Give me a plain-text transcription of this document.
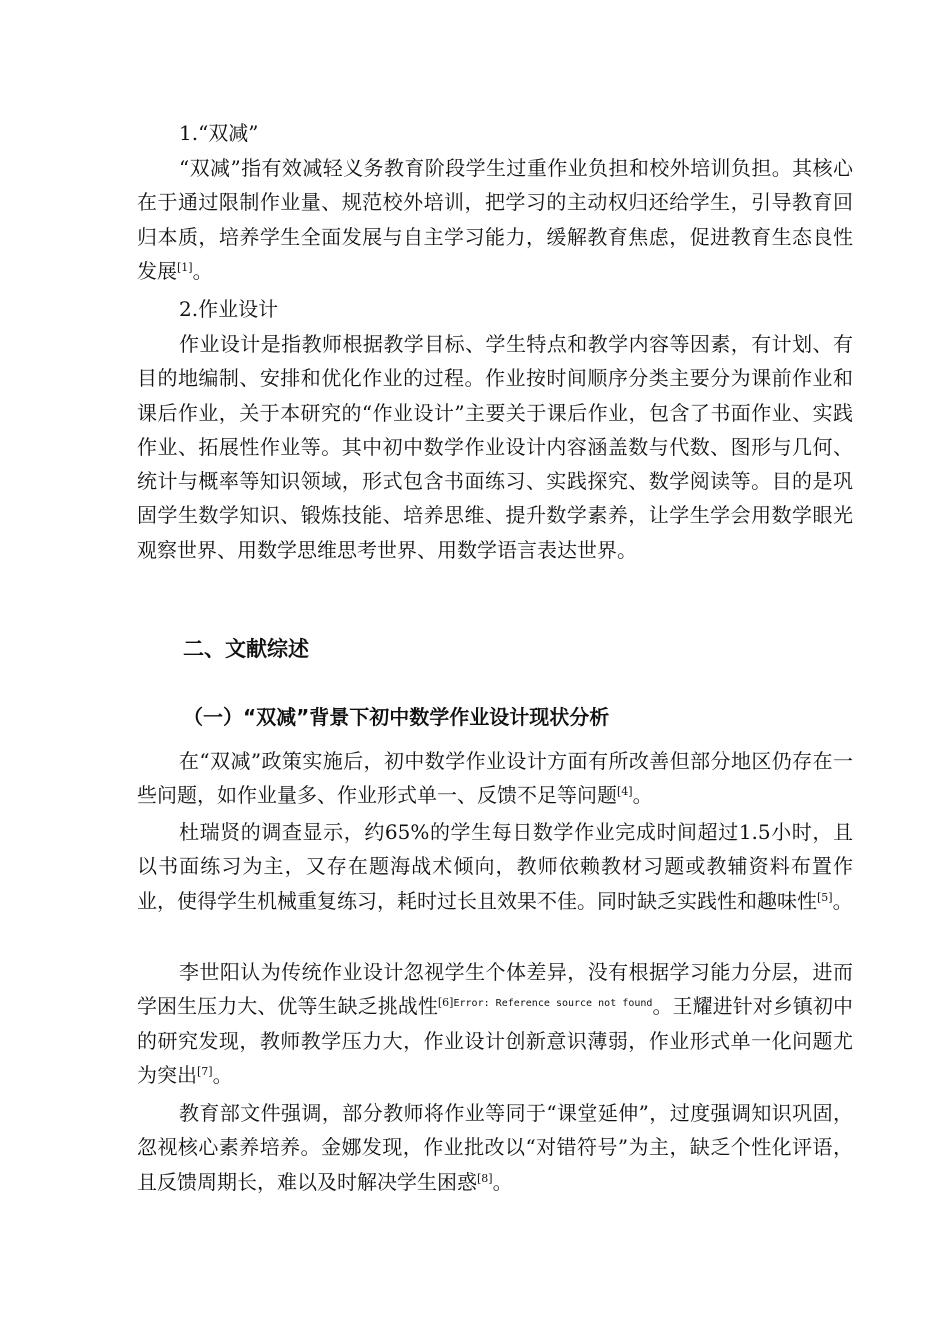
1.“双减”

“双减”指有效减轻义务教育阶段学生过重作业负担和校外培训负担。其核心在于通过限制作业量、规范校外培训，把学习的主动权归还给学生，引导教育回归本质，培养学生全面发展与自主学习能力，缓解教育焦虑，促进教育生态良性发展[1]。

2.作业设计

作业设计是指教师根据教学目标、学生特点和教学内容等因素，有计划、有目的地编制、安排和优化作业的过程。作业按时间顺序分类主要分为课前作业和课后作业，关于本研究的“作业设计”主要关于课后作业，包含了书面作业、实践作业、拓展性作业等。其中初中数学作业设计内容涵盖数与代数、图形与几何、统计与概率等知识领域，形式包含书面练习、实践探究、数学阅读等。目的是巩固学生数学知识、锻炼技能、培养思维、提升数学素养，让学生学会用数学眼光观察世界、用数学思维思考世界、用数学语言表达世界。

二、文献综述

（一）“双减”背景下初中数学作业设计现状分析

在“双减”政策实施后，初中数学作业设计方面有所改善但部分地区仍存在一些问题，如作业量多、作业形式单一、反馈不足等问题[4]。

杜瑞贤的调查显示，约65%的学生每日数学作业完成时间超过1.5小时，且以书面练习为主，又存在题海战术倾向，教师依赖教材习题或教辅资料布置作业，使得学生机械重复练习，耗时过长且效果不佳。同时缺乏实践性和趣味性[5]。

李世阳认为传统作业设计忽视学生个体差异，没有根据学习能力分层，进而学困生压力大、优等生缺乏挑战性$^{[6]Error: Reference source not found}$。王耀进针对乡镇初中的研究发现，教师教学压力大，作业设计创新意识薄弱，作业形式单一化问题尤为突出[7]。

教育部文件强调，部分教师将作业等同于“课堂延伸”，过度强调知识巩固，忽视核心素养培养。金娜发现，作业批改以“对错符号”为主，缺乏个性化评语，且反馈周期长，难以及时解决学生困惑[8]。
